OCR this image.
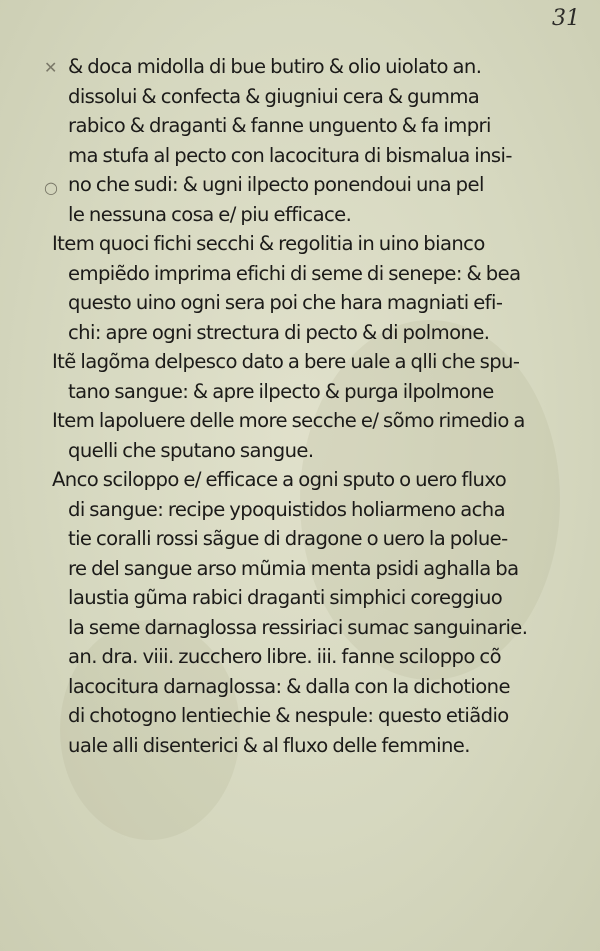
31
✕
○
& doca midolla di bue butiro & olio uiolato an.
dissolui & confecta & giugniui cera & gumma
rabico & draganti & fanne unguento & fa impri
ma stufa al pecto con lacocitura di bismalua insi-
no che sudi: & ugni ilpecto ponendoui una pel
le nessuna cosa e/ piu efficace.
Item quoci fichi secchi & regolitia in uino bianco
empiẽdo imprima efichi di seme di senepe: & bea
questo uino ogni sera poi che hara magniati efi-
chi: apre ogni strectura di pecto & di polmone.
Itẽ lagõma delpesco dato a bere uale a qlli che spu-
tano sangue: & apre ilpecto & purga ilpolmone
Item lapoluere delle more secche e/ sõmo rimedio a
quelli che sputano sangue.
Anco sciloppo e/ efficace a ogni sputo o uero fluxo
di sangue: recipe ypoquistidos holiarmeno acha
tie coralli rossi sãgue di dragone o uero la polue-
re del sangue arso mũmia menta psidi aghalla ba
laustia gũma rabici draganti simphici coreggiuo
la seme darnaglossa ressiriaci sumac sanguinarie.
an. dra. viii. zucchero libre. iii. fanne sciloppo cõ
lacocitura darnaglossa: & dalla con la dichotione
di chotogno lentiechie & nespule: questo etiãdio
uale alli disenterici & al fluxo delle femmine.
